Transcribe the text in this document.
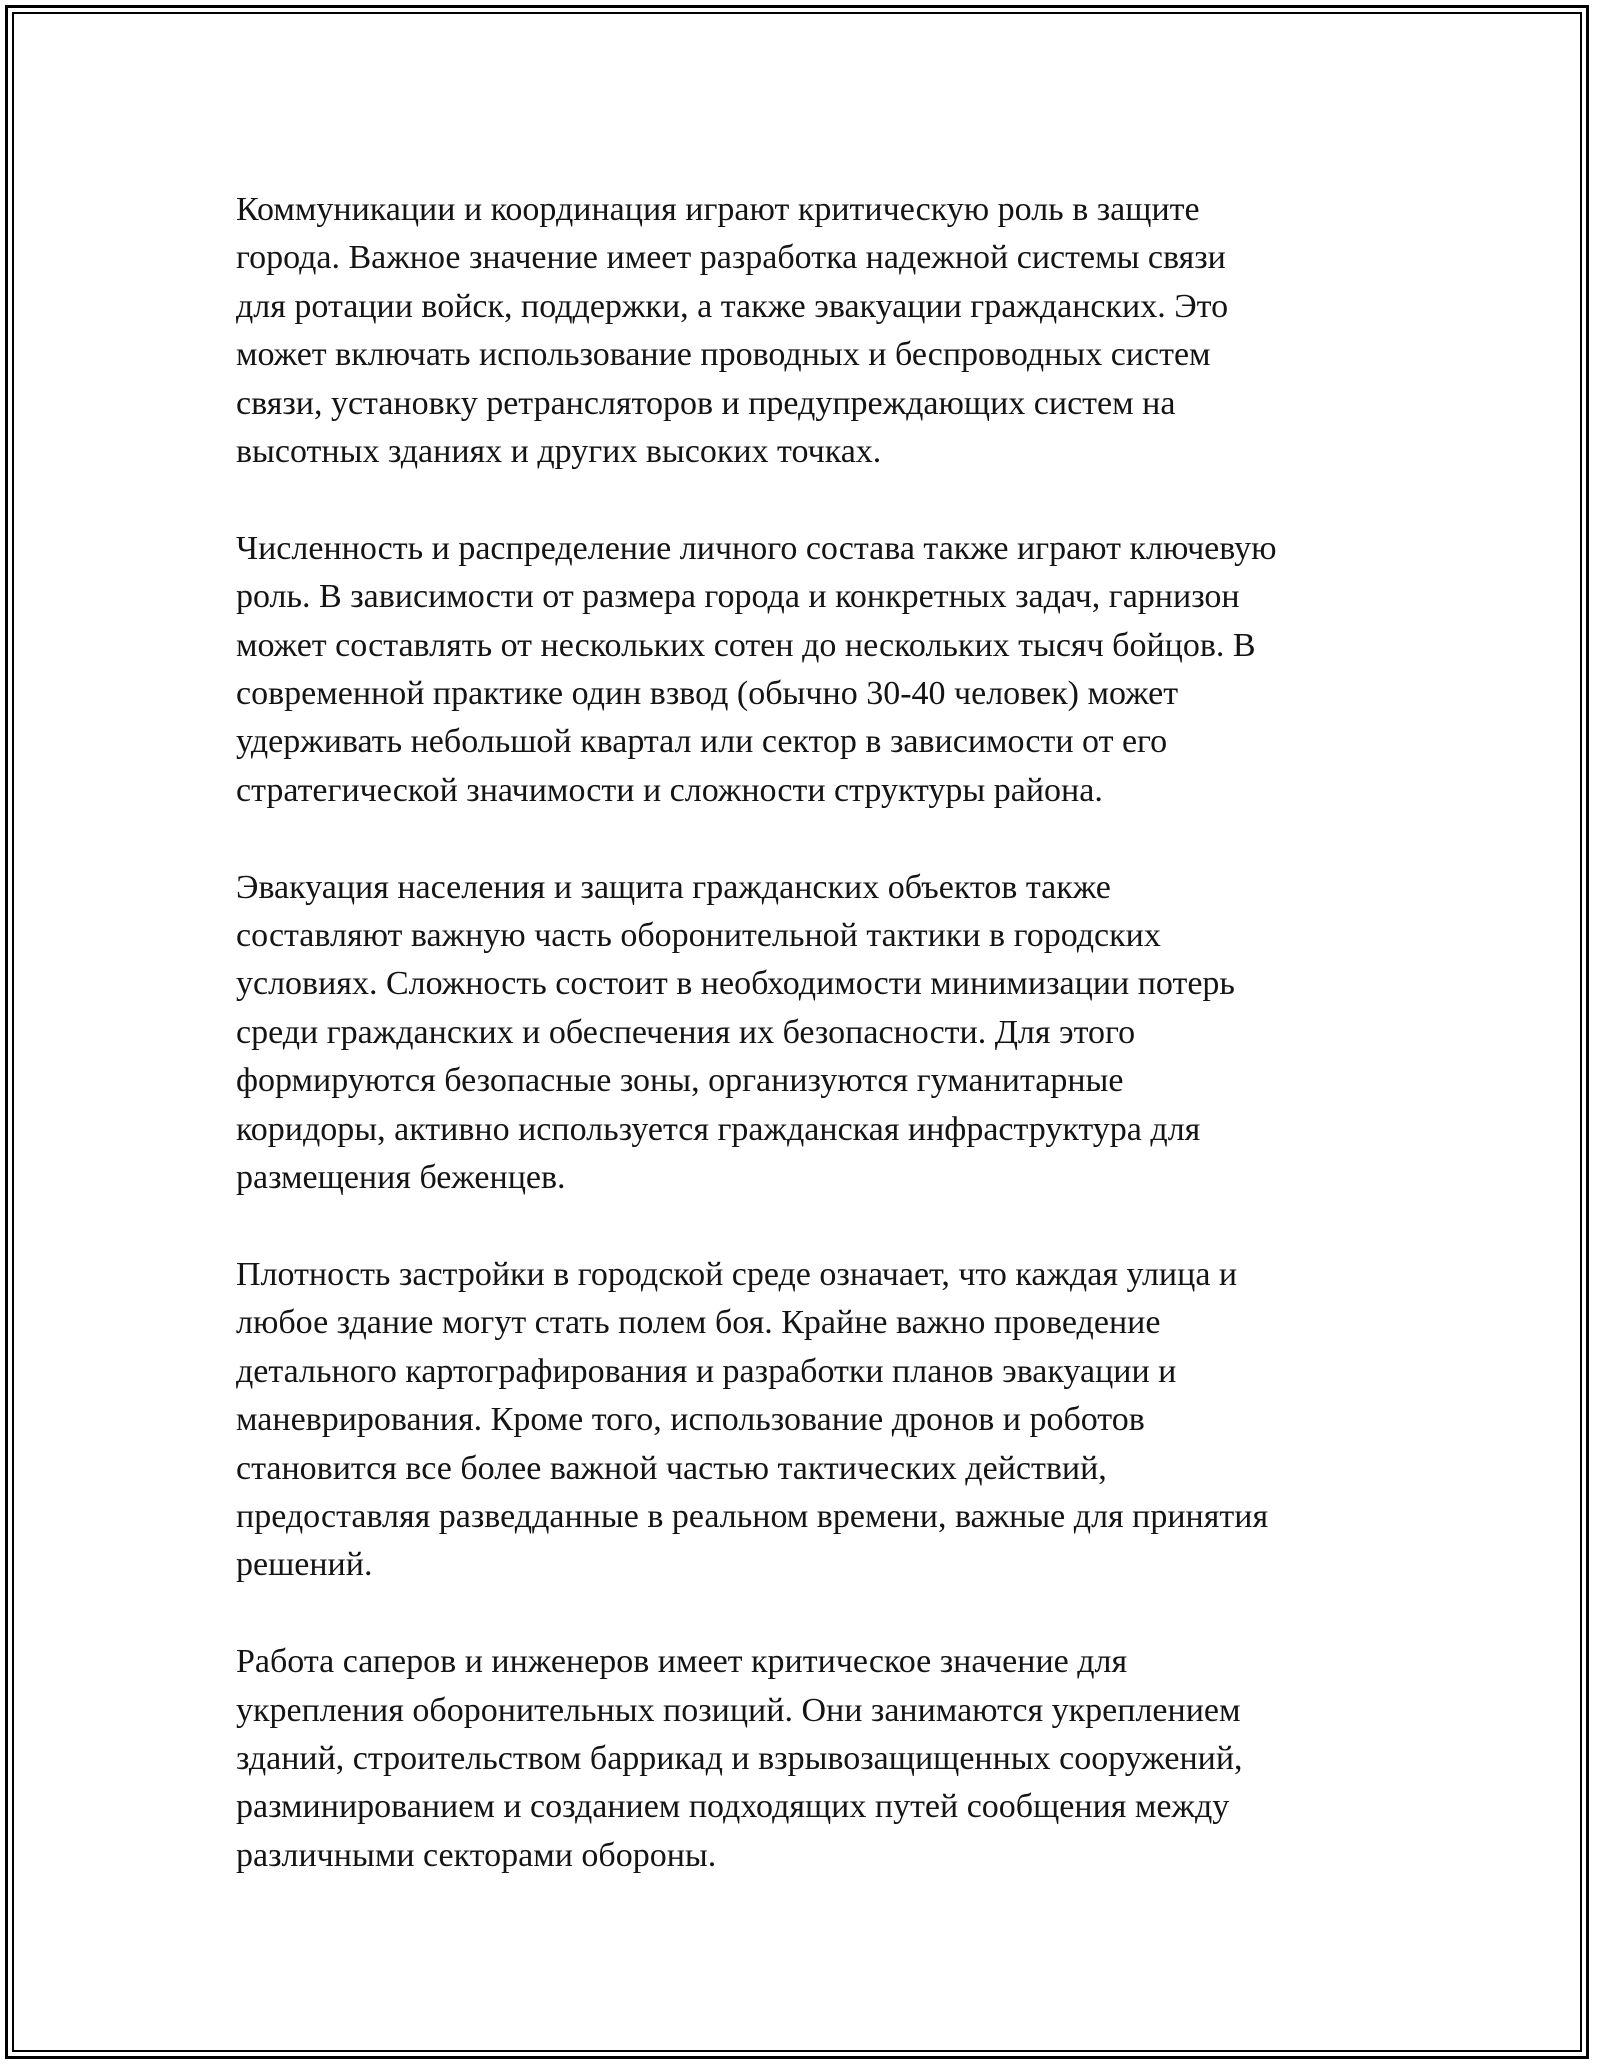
Коммуникации и координация играют критическую роль в защите
города. Важное значение имеет разработка надежной системы связи
для ротации войск, поддержки, а также эвакуации гражданских. Это
может включать использование проводных и беспроводных систем
связи, установку ретрансляторов и предупреждающих систем на
высотных зданиях и других высоких точках.

Численность и распределение личного состава также играют ключевую
роль. В зависимости от размера города и конкретных задач, гарнизон
может составлять от нескольких сотен до нескольких тысяч бойцов. В
современной практике один взвод (обычно 30-40 человек) может
удерживать небольшой квартал или сектор в зависимости от его
стратегической значимости и сложности структуры района.

Эвакуация населения и защита гражданских объектов также
составляют важную часть оборонительной тактики в городских
условиях. Сложность состоит в необходимости минимизации потерь
среди гражданских и обеспечения их безопасности. Для этого
формируются безопасные зоны, организуются гуманитарные
коридоры, активно используется гражданская инфраструктура для
размещения беженцев.

Плотность застройки в городской среде означает, что каждая улица и
любое здание могут стать полем боя. Крайне важно проведение
детального картографирования и разработки планов эвакуации и
маневрирования. Кроме того, использование дронов и роботов
становится все более важной частью тактических действий,
предоставляя разведданные в реальном времени, важные для принятия
решений.

Работа саперов и инженеров имеет критическое значение для
укрепления оборонительных позиций. Они занимаются укреплением
зданий, строительством баррикад и взрывозащищенных сооружений,
разминированием и созданием подходящих путей сообщения между
различными секторами обороны.
